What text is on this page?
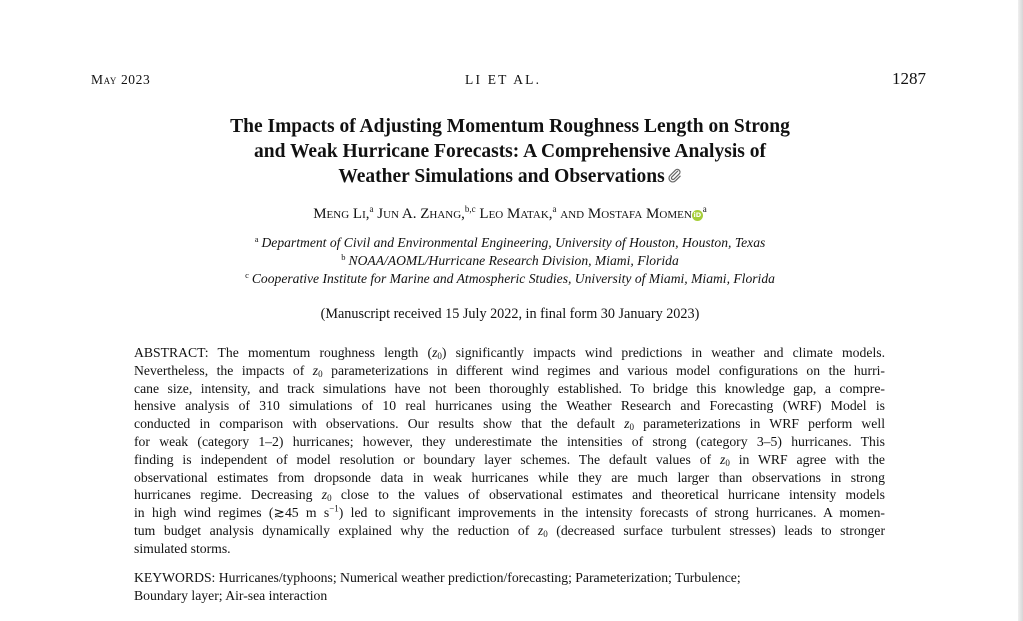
May 2023	LI ET AL.	1287
The Impacts of Adjusting Momentum Roughness Length on Strong
and Weak Hurricane Forecasts: A Comprehensive Analysis of
Weather Simulations and Observations
Meng Li,$^a$ Jun A. Zhang,$^{b,c}$ Leo Matak,$^a$ and Mostafa Momen $iD^a$
$^a$ Department of Civil and Environmental Engineering, University of Houston, Houston, Texas
$^b$ NOAA/AOML/Hurricane Research Division, Miami, Florida
$^c$ Cooperative Institute for Marine and Atmospheric Studies, University of Miami, Miami, Florida
(Manuscript received 15 July 2022, in final form 30 January 2023)
ABSTRACT: The momentum roughness length $(z_0)$ significantly impacts wind predictions in weather and climate models.
Nevertheless, the impacts of $z_0$ parameterizations in different wind regimes and various model configurations on the hurri-
cane size, intensity, and track simulations have not been thoroughly established. To bridge this knowledge gap, a compre-
hensive analysis of 310 simulations of 10 real hurricanes using the Weather Research and Forecasting (WRF) Model is
conducted in comparison with observations. Our results show that the default $z_0$ parameterizations in WRF perform well
for weak (category 1–2) hurricanes; however, they underestimate the intensities of strong (category 3–5) hurricanes. This
finding is independent of model resolution or boundary layer schemes. The default values of $z_0$ in WRF agree with the
observational estimates from dropsonde data in weak hurricanes while they are much larger than observations in strong
hurricanes regime. Decreasing $z_0$ close to the values of observational estimates and theoretical hurricane intensity models
in high wind regimes (≳45 m $s^{-1}$) led to significant improvements in the intensity forecasts of strong hurricanes. A momen-
tum budget analysis dynamically explained why the reduction of $z_0$ (decreased surface turbulent stresses) leads to stronger
simulated storms.
KEYWORDS: Hurricanes/typhoons; Numerical weather prediction/forecasting; Parameterization; Turbulence;
Boundary layer; Air-sea interaction
